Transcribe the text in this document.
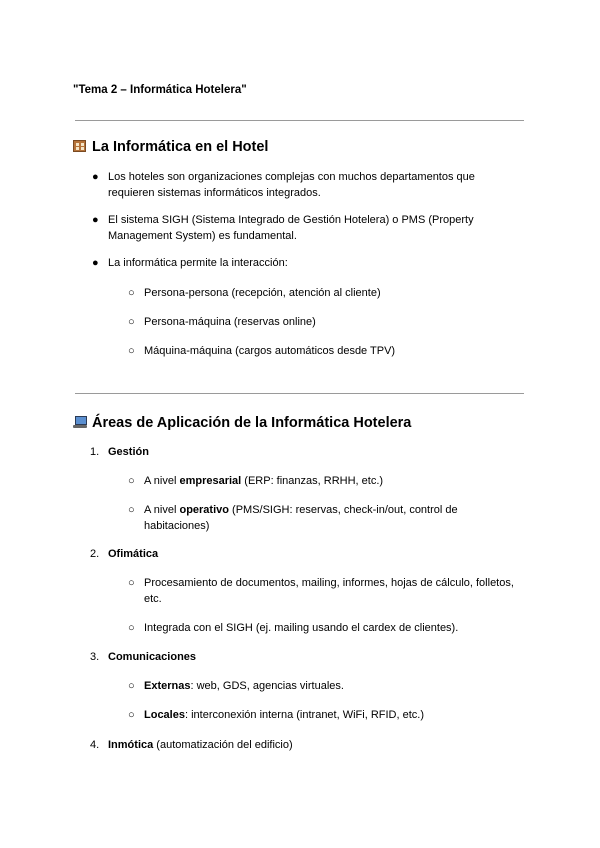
"Tema 2 – Informática Hotelera"
La Informática en el Hotel
● Los hoteles son organizaciones complejas con muchos departamentos que
requieren sistemas informáticos integrados.
● El sistema SIGH (Sistema Integrado de Gestión Hotelera) o PMS (Property
Management System) es fundamental.
● La informática permite la interacción:
○ Persona-persona (recepción, atención al cliente)
○ Persona-máquina (reservas online)
○ Máquina-máquina (cargos automáticos desde TPV)
Áreas de Aplicación de la Informática Hotelera
1. Gestión
○ A nivel empresarial (ERP: finanzas, RRHH, etc.)
○ A nivel operativo (PMS/SIGH: reservas, check-in/out, control de
habitaciones)
2. Ofimática
○ Procesamiento de documentos, mailing, informes, hojas de cálculo, folletos,
etc.
○ Integrada con el SIGH (ej. mailing usando el cardex de clientes).
3. Comunicaciones
○ Externas: web, GDS, agencias virtuales.
○ Locales: interconexión interna (intranet, WiFi, RFID, etc.)
4. Inmótica (automatización del edificio)
